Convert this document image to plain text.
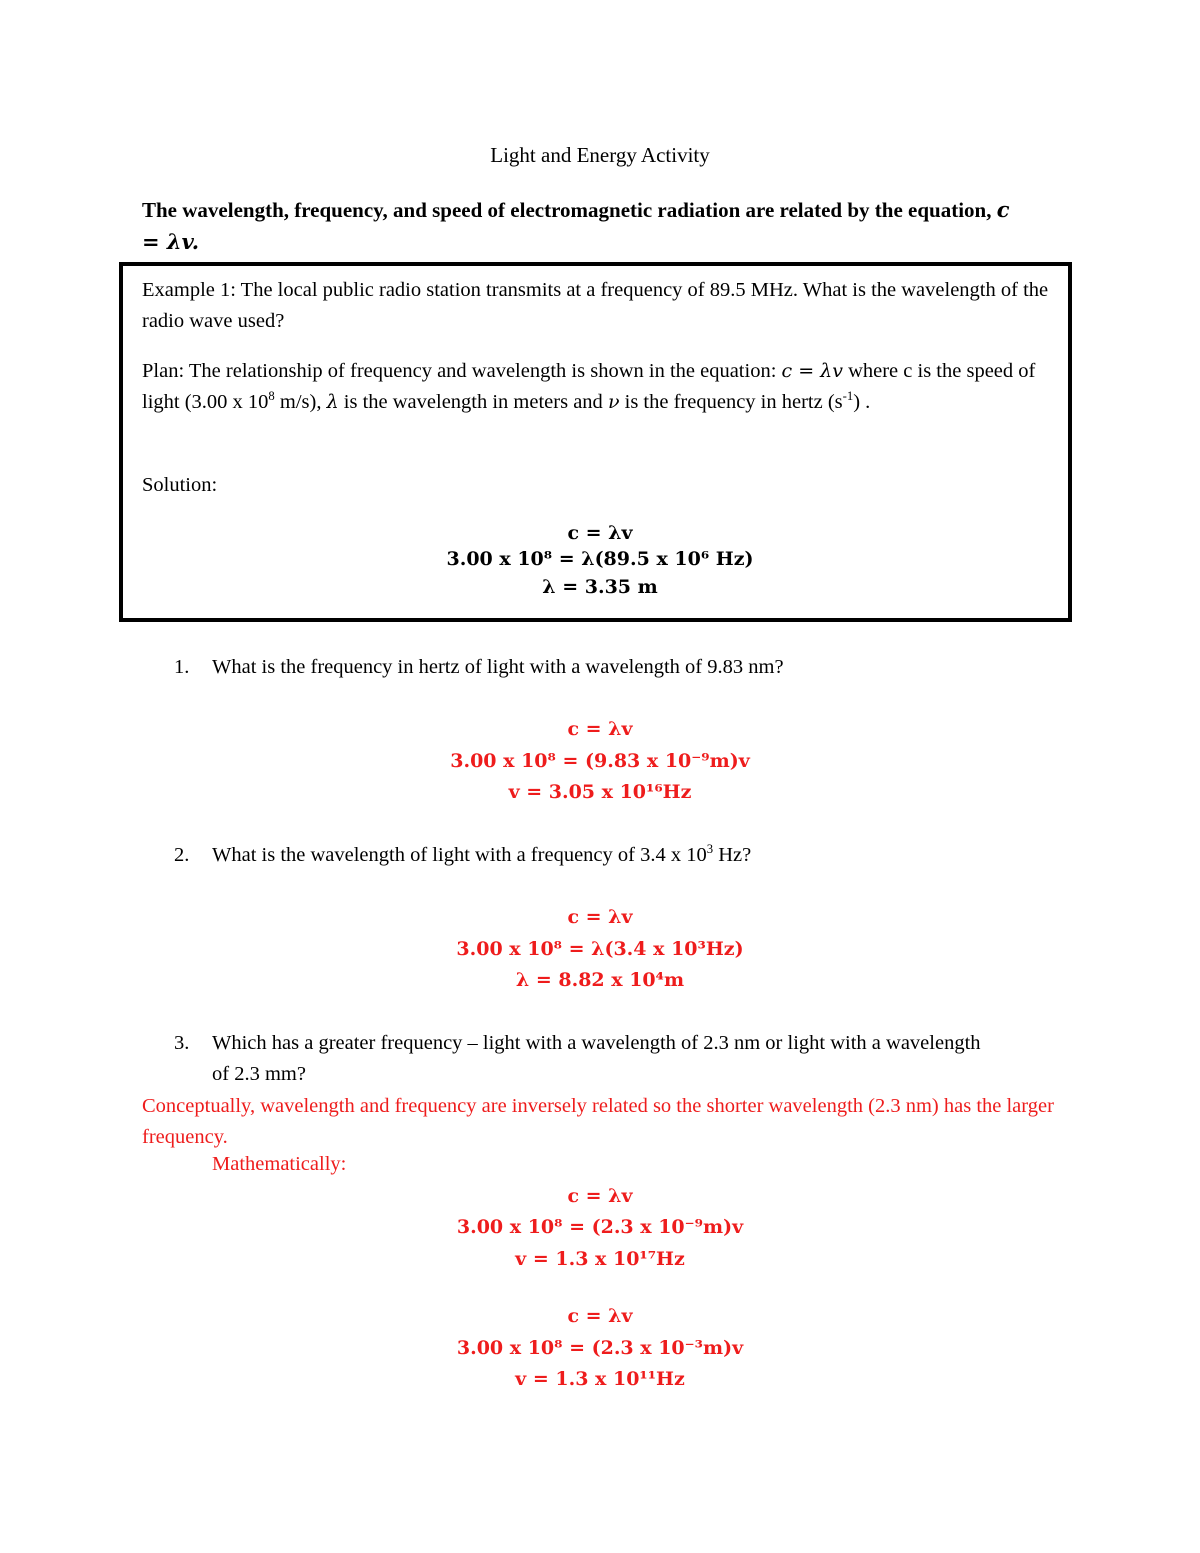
Light and Energy Activity
The wavelength, frequency, and speed of electromagnetic radiation are related by the equation, c = λv.
Example 1: The local public radio station transmits at a frequency of 89.5 MHz. What is the wavelength of the radio wave used?
Plan: The relationship of frequency and wavelength is shown in the equation: c = λv where c is the speed of light (3.00 x $10^8$ m/s), λ is the wavelength in meters and ν is the frequency in hertz $(s^{-1})$ .
Solution:
c = λv
3.00 x 10⁸ = λ(89.5 x 10⁶ Hz)
λ = 3.35 m
1. What is the frequency in hertz of light with a wavelength of 9.83 nm?
c = λv
3.00 x 10⁸ = (9.83 x 10⁻⁹m)v
v = 3.05 x 10¹⁶Hz
2. What is the wavelength of light with a frequency of 3.4 x $10^3$ Hz?
c = λv
3.00 x 10⁸ = λ(3.4 x 10³Hz)
λ = 8.82 x 10⁴m
3. Which has a greater frequency – light with a wavelength of 2.3 nm or light with a wavelength of 2.3 mm?
Conceptually, wavelength and frequency are inversely related so the shorter wavelength (2.3 nm) has the larger frequency.
Mathematically:
c = λv
3.00 x 10⁸ = (2.3 x 10⁻⁹m)v
v = 1.3 x 10¹⁷Hz
c = λv
3.00 x 10⁸ = (2.3 x 10⁻³m)v
v = 1.3 x 10¹¹Hz
